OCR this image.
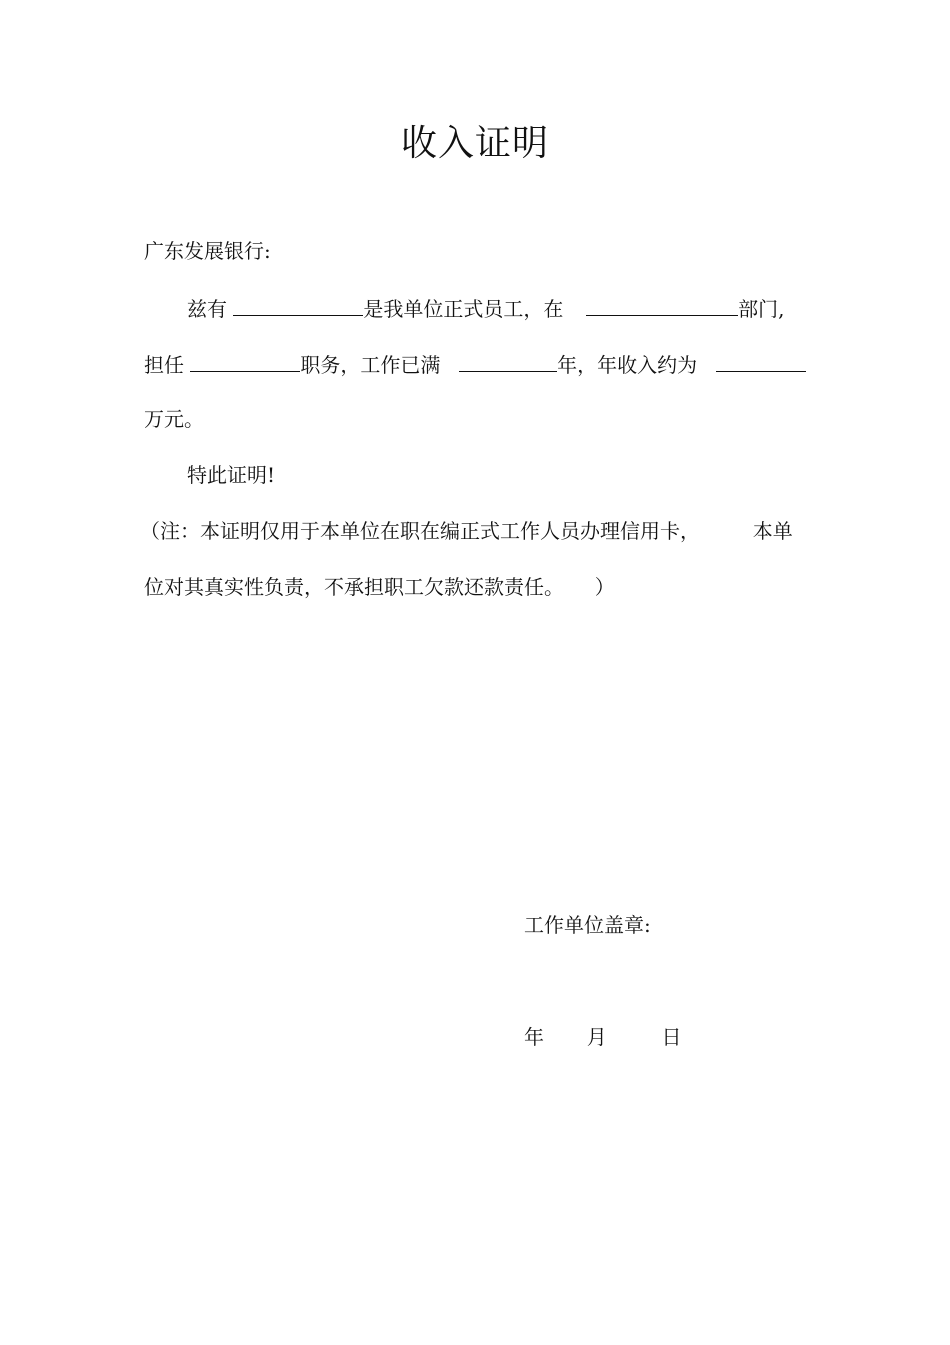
收入证明
广东发展银行:
兹有	是我单位正式员工，在	部门,
担任	职务，工作已满	年，年收入约为
万元。
特此证明!
（注：本证明仅用于本单位在职在编正式工作人员办理信用卡，	本单
位对其真实性负责，不承担职工欠款还款责任。 ）
工作单位盖章:
年 月	日
